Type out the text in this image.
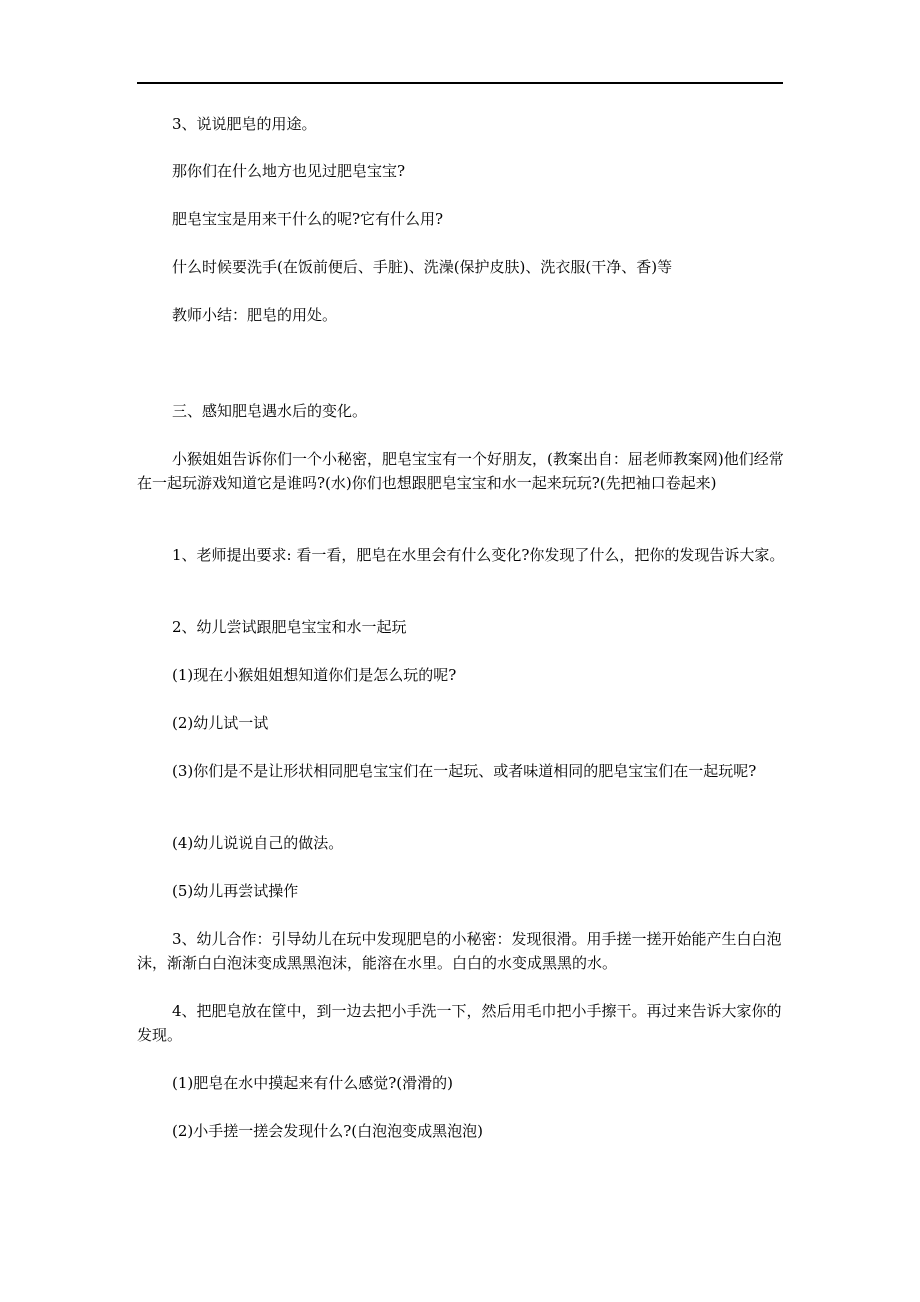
3、说说肥皂的用途。

那你们在什么地方也见过肥皂宝宝?

肥皂宝宝是用来干什么的呢?它有什么用?

什么时候要洗手(在饭前便后、手脏)、洗澡(保护皮肤)、洗衣服(干净、香)等

教师小结：肥皂的用处。

三、感知肥皂遇水后的变化。

小猴姐姐告诉你们一个小秘密，肥皂宝宝有一个好朋友，(教案出自：屈老师教案网)他们经常在一起玩游戏知道它是谁吗?(水)你们也想跟肥皂宝宝和水一起来玩玩?(先把袖口卷起来)

1、老师提出要求: 看一看，肥皂在水里会有什么变化?你发现了什么，把你的发现告诉大家。

2、幼儿尝试跟肥皂宝宝和水一起玩

(1)现在小猴姐姐想知道你们是怎么玩的呢?

(2)幼儿试一试

(3)你们是不是让形状相同肥皂宝宝们在一起玩、或者味道相同的肥皂宝宝们在一起玩呢?

(4)幼儿说说自己的做法。

(5)幼儿再尝试操作

3、幼儿合作：引导幼儿在玩中发现肥皂的小秘密：发现很滑。用手搓一搓开始能产生白白泡沫，渐渐白白泡沫变成黑黑泡沫，能溶在水里。白白的水变成黑黑的水。

4、把肥皂放在筐中，到一边去把小手洗一下，然后用毛巾把小手擦干。再过来告诉大家你的发现。

(1)肥皂在水中摸起来有什么感觉?(滑滑的)

(2)小手搓一搓会发现什么?(白泡泡变成黑泡泡)
